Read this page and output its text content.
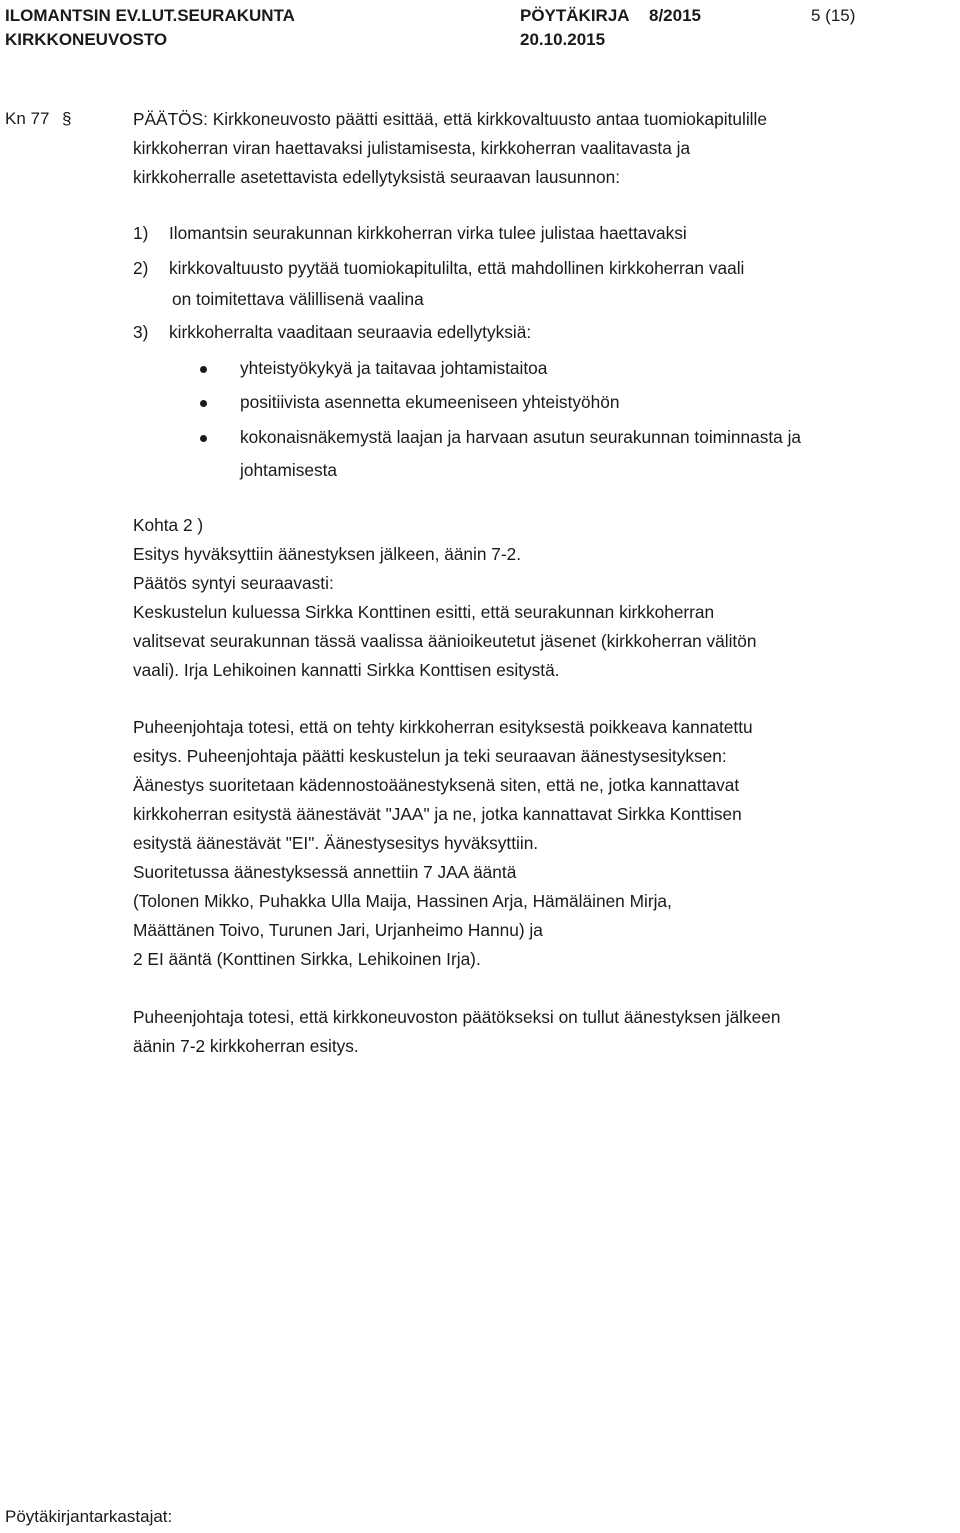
ILOMANTSIN EV.LUT.SEURAKUNTA
KIRKKONEUVOSTO
PÖYTÄKIRJA 8/2015
20.10.2015
5 (15)
Kn 77 §	PÄÄTÖS: Kirkkoneuvosto päätti esittää, että kirkkovaltuusto antaa tuomiokapitulille
kirkkoherran viran haettavaksi julistamisesta, kirkkoherran vaalitavasta ja
kirkkoherralle asetettavista edellytyksistä seuraavan lausunnon:
1) Ilomantsin seurakunnan kirkkoherran virka tulee julistaa haettavaksi
2) kirkkovaltuusto pyytää tuomiokapitulilta, että mahdollinen kirkkoherran vaali
on toimitettava välillisenä vaalina
3) kirkkoherralta vaaditaan seuraavia edellytyksiä:
yhteistyökykyä ja taitavaa johtamistaitoa
positiivista asennetta ekumeeniseen yhteistyöhön
kokonaisnäkemystä laajan ja harvaan asutun seurakunnan toiminnasta ja
johtamisesta
Kohta 2 )
Esitys hyväksyttiin äänestyksen jälkeen, äänin 7-2.
Päätös syntyi seuraavasti:
Keskustelun kuluessa Sirkka Konttinen esitti, että seurakunnan kirkkoherran
valitsevat seurakunnan tässä vaalissa äänioikeutetut jäsenet (kirkkoherran välitön
vaali). Irja Lehikoinen kannatti Sirkka Konttisen esitystä.
Puheenjohtaja totesi, että on tehty kirkkoherran esityksestä poikkeava kannatettu
esitys. Puheenjohtaja päätti keskustelun ja teki seuraavan äänestysesityksen:
Äänestys suoritetaan kädennostoäänestyksenä siten, että ne, jotka kannattavat
kirkkoherran esitystä äänestävät "JAA" ja ne, jotka kannattavat Sirkka Konttisen
esitystä äänestävät "EI". Äänestysesitys hyväksyttiin.
Suoritetussa äänestyksessä annettiin 7 JAA ääntä
(Tolonen Mikko, Puhakka Ulla Maija, Hassinen Arja, Hämäläinen Mirja,
Määttänen Toivo, Turunen Jari, Urjanheimo Hannu) ja
2 EI ääntä (Konttinen Sirkka, Lehikoinen Irja).
Puheenjohtaja totesi, että kirkkoneuvoston päätökseksi on tullut äänestyksen jälkeen
äänin 7-2 kirkkoherran esitys.
Pöytäkirjantarkastajat:
